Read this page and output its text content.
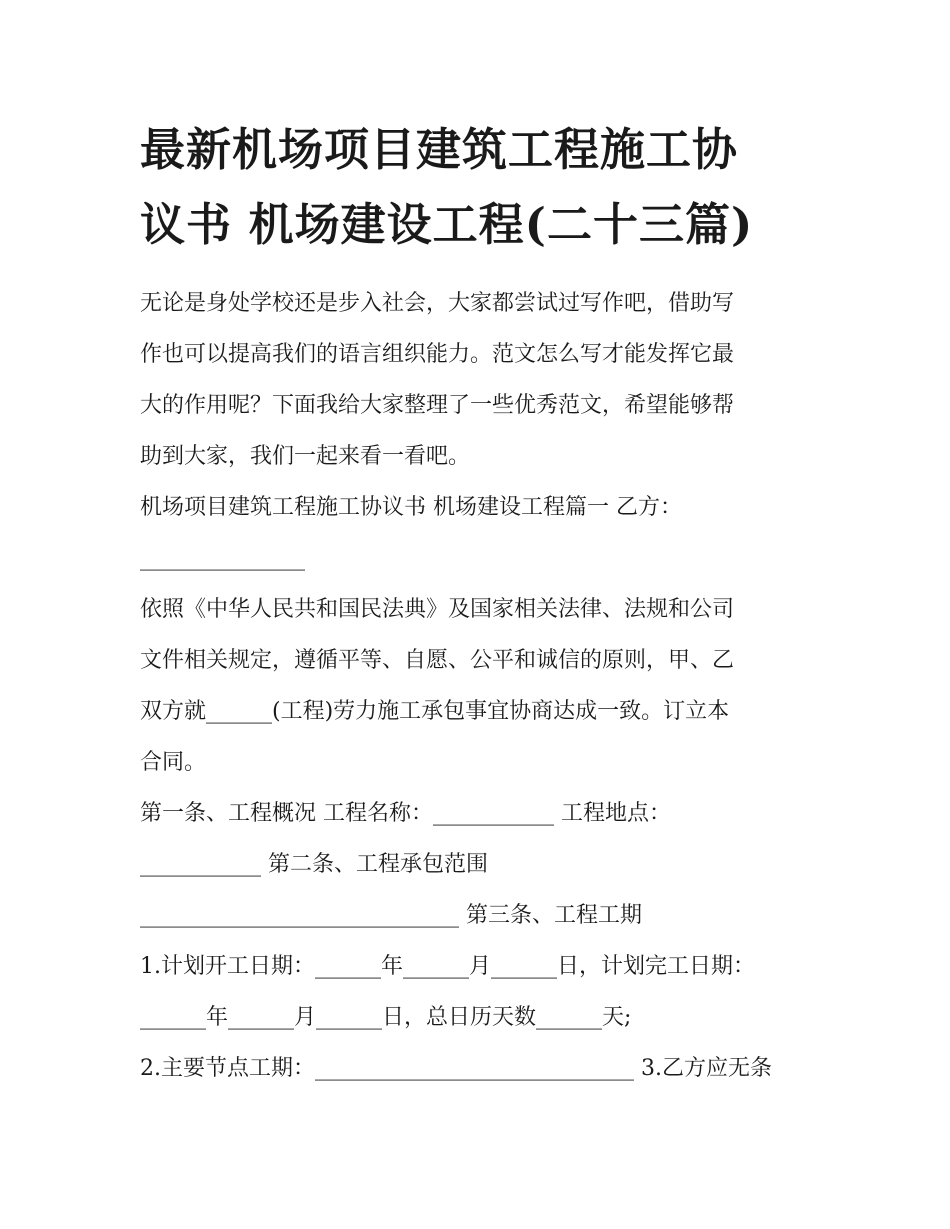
最新机场项目建筑工程施工协
议书 机场建设工程(二十三篇)
无论是身处学校还是步入社会，大家都尝试过写作吧，借助写
作也可以提高我们的语言组织能力。范文怎么写才能发挥它最
大的作用呢？下面我给大家整理了一些优秀范文，希望能够帮
助到大家，我们一起来看一看吧。
机场项目建筑工程施工协议书 机场建设工程篇一 乙方：
_______________
依照《中华人民共和国民法典》及国家相关法律、法规和公司
文件相关规定，遵循平等、自愿、公平和诚信的原则，甲、乙
双方就______(工程)劳力施工承包事宜协商达成一致。订立本
合同。
第一条、工程概况 工程名称：___________ 工程地点：
___________ 第二条、工程承包范围
_____________________________ 第三条、工程工期
1.计划开工日期：______年______月______日，计划完工日期：
______年______月______日，总日历天数______天;
2.主要节点工期：_____________________________ 3.乙方应无条
